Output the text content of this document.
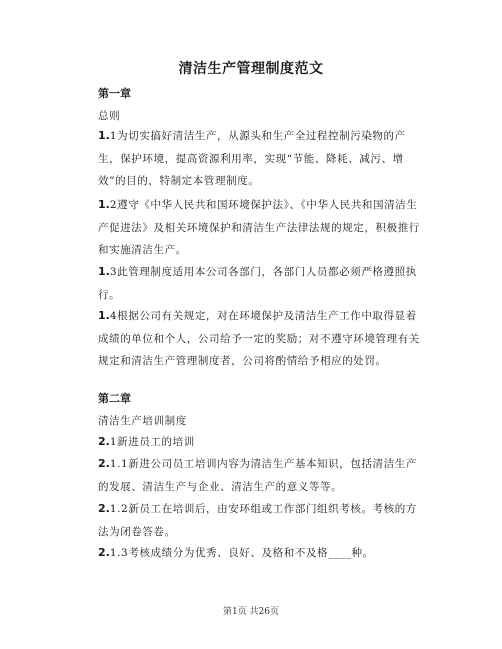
清洁生产管理制度范文
第一章
总则
1.1为切实搞好清洁生产，从源头和生产全过程控制污染物的产生，保护环境，提高资源利用率，实现“节能、降耗、减污、增效”的目的，特制定本管理制度。
1.2遵守《中华人民共和国环境保护法》、《中华人民共和国清洁生产促进法》及相关环境保护和清洁生产法律法规的规定，积极推行和实施清洁生产。
1.3此管理制度适用本公司各部门，各部门人员都必须严格遵照执行。
1.4根据公司有关规定，对在环境保护及清洁生产工作中取得显着成绩的单位和个人，公司给予一定的奖励；对不遵守环境管理有关规定和清洁生产管理制度者，公司将酌情给予相应的处罚。
第二章
清洁生产培训制度
2.1新进员工的培训
2.1.1新进公司员工培训内容为清洁生产基本知识，包括清洁生产的发展、清洁生产与企业、清洁生产的意义等等。
2.1.2新员工在培训后，由安环组或工作部门组织考核。考核的方法为闭卷答卷。
2.1.3考核成绩分为优秀、良好、及格和不及格____种。
第1页 共26页
